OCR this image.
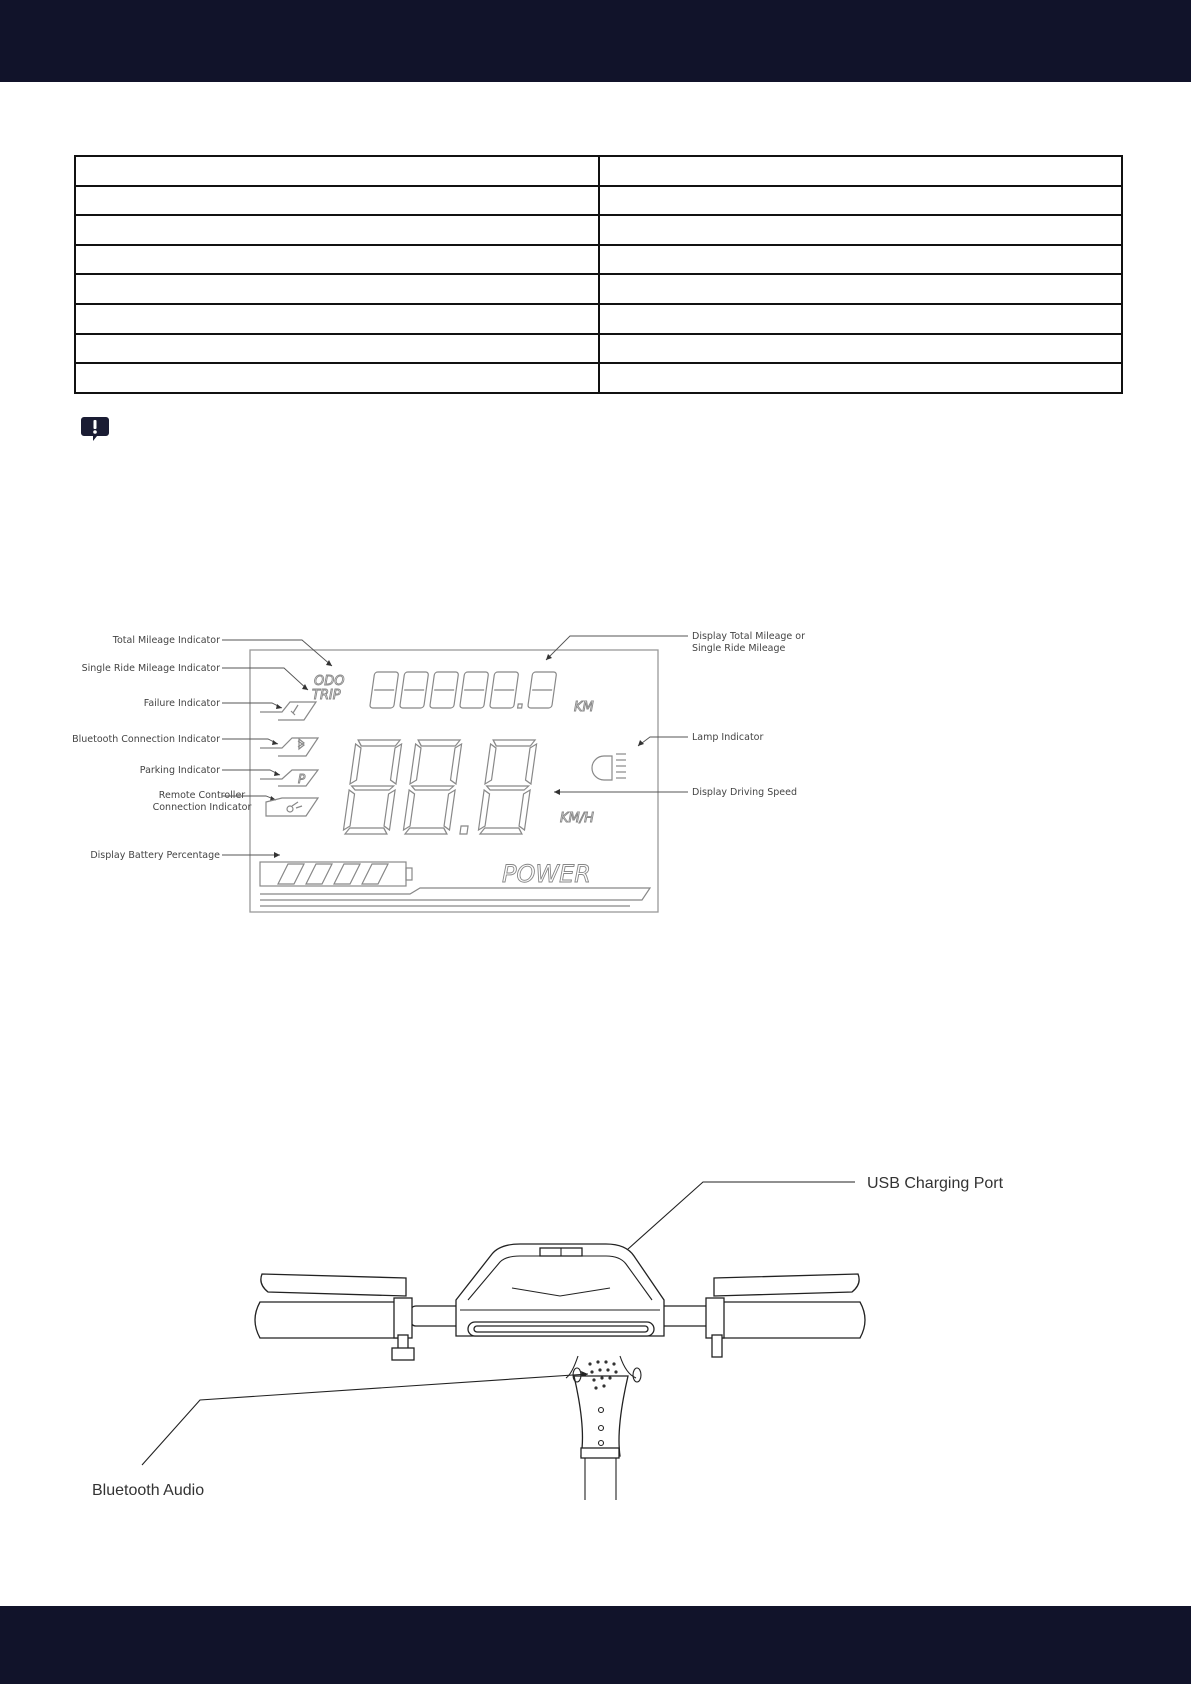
Total Mileage Indicator
Single Ride Mileage Indicator
Failure Indicator
Bluetooth Connection Indicator
Parking Indicator
Remote Controller
Connection Indicator
Display Battery Percentage
Display Total Mileage or
Single Ride Mileage
Lamp Indicator
Display Driving Speed
ODO
TRIP
KM
P
KM/H
POWER
USB Charging Port
Bluetooth Audio
